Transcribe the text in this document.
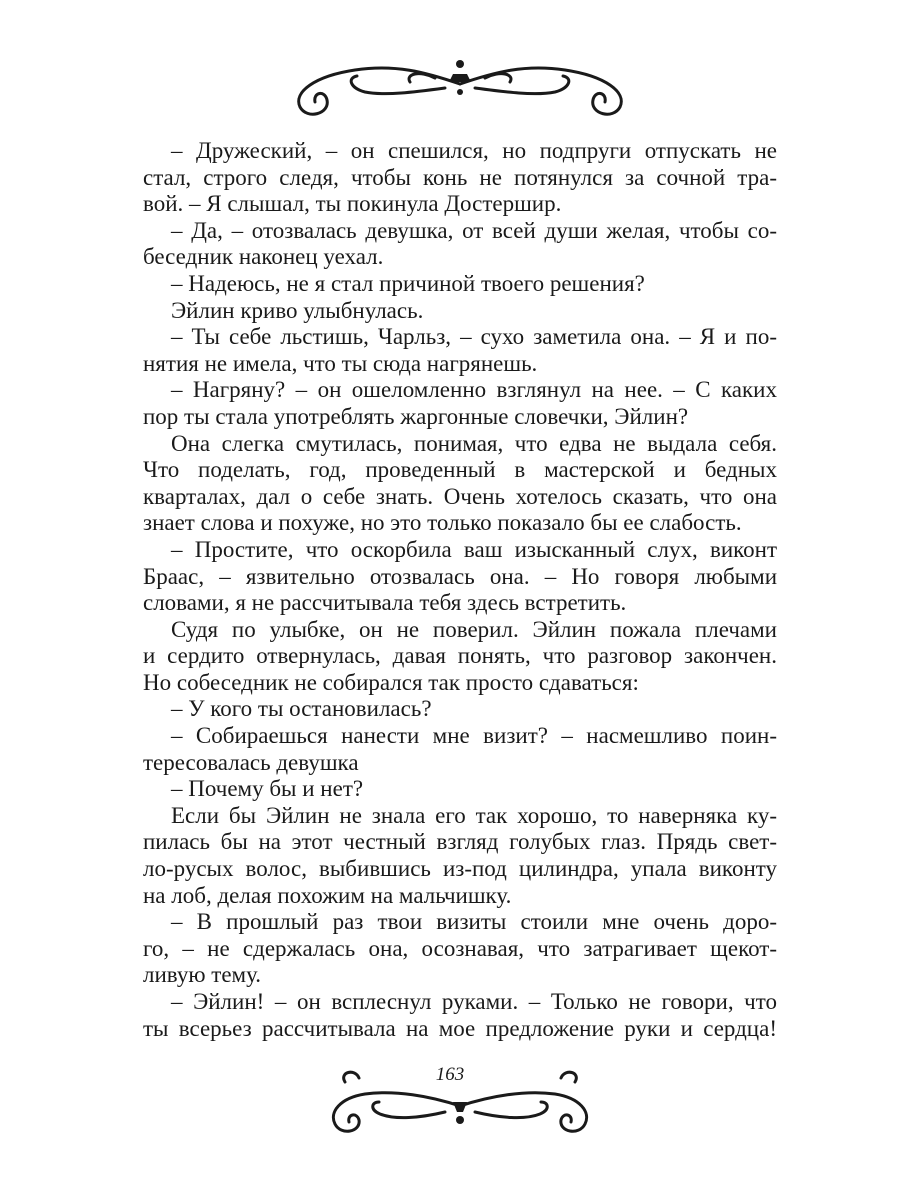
163
– Дружеский, – он спешился, но подпруги отпускать не
стал, строго следя, чтобы конь не потянулся за сочной тра-
вой. – Я слышал, ты покинула Достершир.
– Да, – отозвалась девушка, от всей души желая, чтобы со-
беседник наконец уехал.
– Надеюсь, не я стал причиной твоего решения?
Эйлин криво улыбнулась.
– Ты себе льстишь, Чарльз, – сухо заметила она. – Я и по-
нятия не имела, что ты сюда нагрянешь.
– Нагряну? – он ошеломленно взглянул на нее. – С каких
пор ты стала употреблять жаргонные словечки, Эйлин?
Она слегка смутилась, понимая, что едва не выдала себя.
Что поделать, год, проведенный в мастерской и бедных
кварталах, дал о себе знать. Очень хотелось сказать, что она
знает слова и похуже, но это только показало бы ее слабость.
– Простите, что оскорбила ваш изысканный слух, виконт
Браас, – язвительно отозвалась она. – Но говоря любыми
словами, я не рассчитывала тебя здесь встретить.
Судя по улыбке, он не поверил. Эйлин пожала плечами
и сердито отвернулась, давая понять, что разговор закончен.
Но собеседник не собирался так просто сдаваться:
– У кого ты остановилась?
– Собираешься нанести мне визит? – насмешливо поин-
тересовалась девушка
– Почему бы и нет?
Если бы Эйлин не знала его так хорошо, то наверняка ку-
пилась бы на этот честный взгляд голубых глаз. Прядь свет-
ло-русых волос, выбившись из-под цилиндра, упала виконту
на лоб, делая похожим на мальчишку.
– В прошлый раз твои визиты стоили мне очень доро-
го, – не сдержалась она, осознавая, что затрагивает щекот-
ливую тему.
– Эйлин! – он всплеснул руками. – Только не говори, что
ты всерьез рассчитывала на мое предложение руки и сердца!
